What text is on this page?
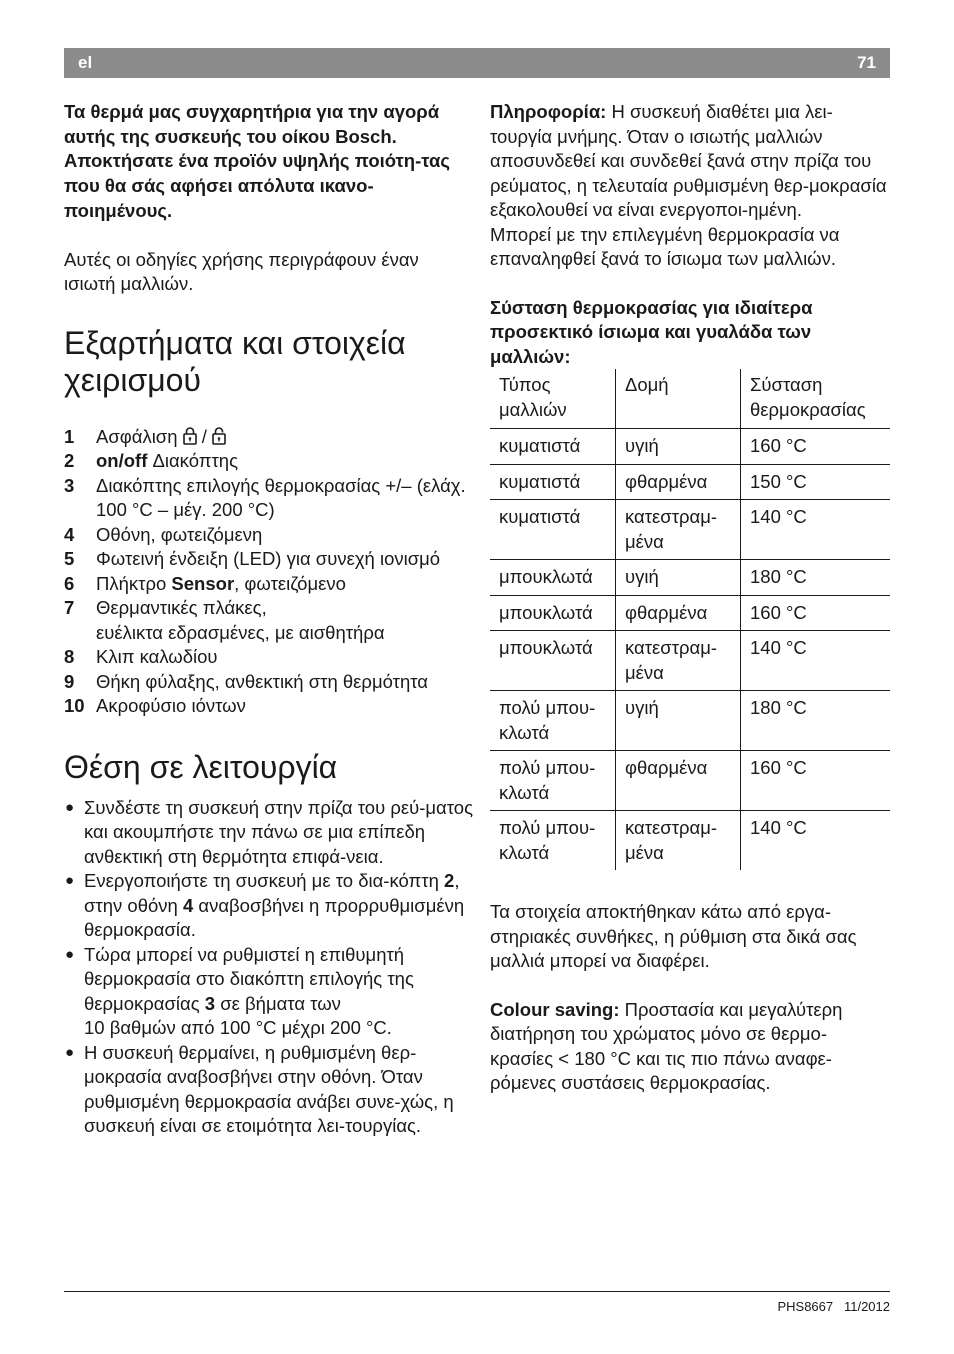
el	71

Τα θερμά μας συγχαρητήρια για την αγορά αυτής της συσκευής του οίκου Bosch.
Αποκτήσατε ένα προϊόν υψηλής ποιότη-τας που θα σάς αφήσει απόλυτα ικανο-ποιημένους.

Αυτές οι οδηγίες χρήσης περιγράφουν έναν ισιωτή μαλλιών.

Εξαρτήματα και στοιχεία χειρισμού
1 Ασφάλιση  /
2 on/off Διακόπτης
3 Διακόπτης επιλογής θερμοκρασίας +/– (ελάχ. 100 °C – μέγ. 200 °C)
4 Οθόνη, φωτειζόμενη
5 Φωτεινή ένδειξη (LED) για συνεχή ιονισμό
6 Πλήκτρο Sensor, φωτειζόμενο
7 Θερμαντικές πλάκες,
ευέλικτα εδρασμένες, με αισθητήρα
8 Κλιπ καλωδίου
9 Θήκη φύλαξης, ανθεκτική στη θερμότητα
10 Ακροφύσιο ιόντων
Θέση σε λειτουργία
● Συνδέστε τη συσκευή στην πρίζα του ρεύ-ματος και ακουμπήστε την πάνω σε μια επίπεδη ανθεκτική στη θερμότητα επιφά-νεια.
● Ενεργοποιήστε τη συσκευή με το δια-κόπτη 2, στην οθόνη 4 αναβοσβήνει η προρρυθμισμένη θερμοκρασία.
● Τώρα μπορεί να ρυθμιστεί η επιθυμητή θερμοκρασία στο διακόπτη επιλογής της θερμοκρασίας 3 σε βήματα των
10 βαθμών από 100 °C μέχρι 200 °C.
● Η συσκευή θερμαίνει, η ρυθμισμένη θερ-μοκρασία αναβοσβήνει στην οθόνη. Όταν ρυθμισμένη θερμοκρασία ανάβει συνε-χώς, η συσκευή είναι σε ετοιμότητα λει-τουργίας.

Πληροφορία: Η συσκευή διαθέτει μια λει-τουργία μνήμης. Όταν ο ισιωτής μαλλιών αποσυνδεθεί και συνδεθεί ξανά στην πρίζα του ρεύματος, η τελευταία ρυθμισμένη θερ-μοκρασία εξακολουθεί να είναι ενεργοποι-ημένη.
Μπορεί με την επιλεγμένη θερμοκρασία να επαναληφθεί ξανά το ίσιωμα των μαλλιών.

Σύσταση θερμοκρασίας για ιδιαίτερα προσεκτικό ίσιωμα και γυαλάδα των μαλλιών:

Τύπος μαλλιών	Δομή	Σύσταση θερμοκρασίας
κυματιστά	υγιή	160 °C
κυματιστά	φθαρμένα	150 °C
κυματιστά	κατεστραμ-μένα	140 °C
μπουκλωτά	υγιή	180 °C
μπουκλωτά	φθαρμένα	160 °C
μπουκλωτά	κατεστραμ-μένα	140 °C
πολύ μπου-κλωτά	υγιή	180 °C
πολύ μπου-κλωτά	φθαρμένα	160 °C
πολύ μπου-κλωτά	κατεστραμ-μένα	140 °C

Τα στοιχεία αποκτήθηκαν κάτω από εργα-στηριακές συνθήκες, η ρύθμιση στα δικά σας μαλλιά μπορεί να διαφέρει.

Colour saving: Προστασία και μεγαλύτερη διατήρηση του χρώματος μόνο σε θερμο-κρασίες < 180 °C και τις πιο πάνω αναφε-ρόμενες συστάσεις θερμοκρασίας.

PHS8667 11/2012
